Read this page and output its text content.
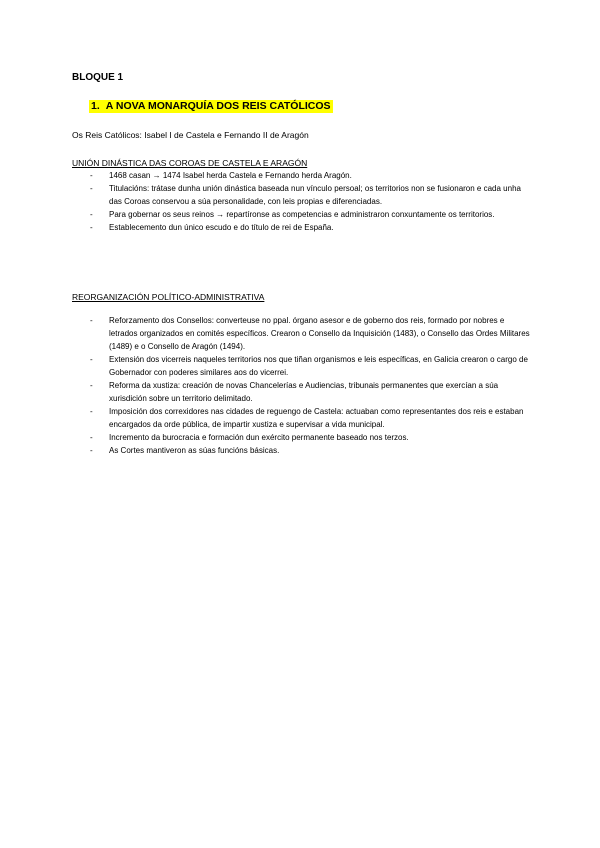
BLOQUE 1
1. A NOVA MONARQUÍA DOS REIS CATÓLICOS
Os Reis Católicos: Isabel I de Castela e Fernando II de Aragón
UNIÓN DINÁSTICA DAS COROAS DE CASTELA E ARAGÓN
- 1468 casan → 1474 Isabel herda Castela e Fernando herda Aragón.
- Titulacións: trátase dunha unión dinástica baseada nun vínculo persoal; os territorios non se fusionaron e cada unha das Coroas conservou a súa personalidade, con leis propias e diferenciadas.
- Para gobernar os seus reinos → repartíronse as competencias e administraron conxuntamente os territorios.
- Establecemento dun único escudo e do título de rei de España.
REORGANIZACIÓN POLÍTICO-ADMINISTRATIVA
- Reforzamento dos Consellos: converteuse no ppal. órgano asesor e de goberno dos reis, formado por nobres e letrados organizados en comités específicos. Crearon o Consello da Inquisición (1483), o Consello das Ordes Militares (1489) e o Consello de Aragón (1494).
- Extensión dos vicerreis naqueles territorios nos que tiñan organismos e leis específicas, en Galicia crearon o cargo de Gobernador con poderes similares aos do vicerrei.
- Reforma da xustiza: creación de novas Chancelerías e Audiencias, tribunais permanentes que exercían a súa xurisdición sobre un territorio delimitado.
- Imposición dos correxidores nas cidades de reguengo de Castela: actuaban como representantes dos reis e estaban encargados da orde pública, de impartir xustiza e supervisar a vida municipal.
- Incremento da burocracia e formación dun exército permanente baseado nos terzos.
- As Cortes mantiveron as súas funcións básicas.
